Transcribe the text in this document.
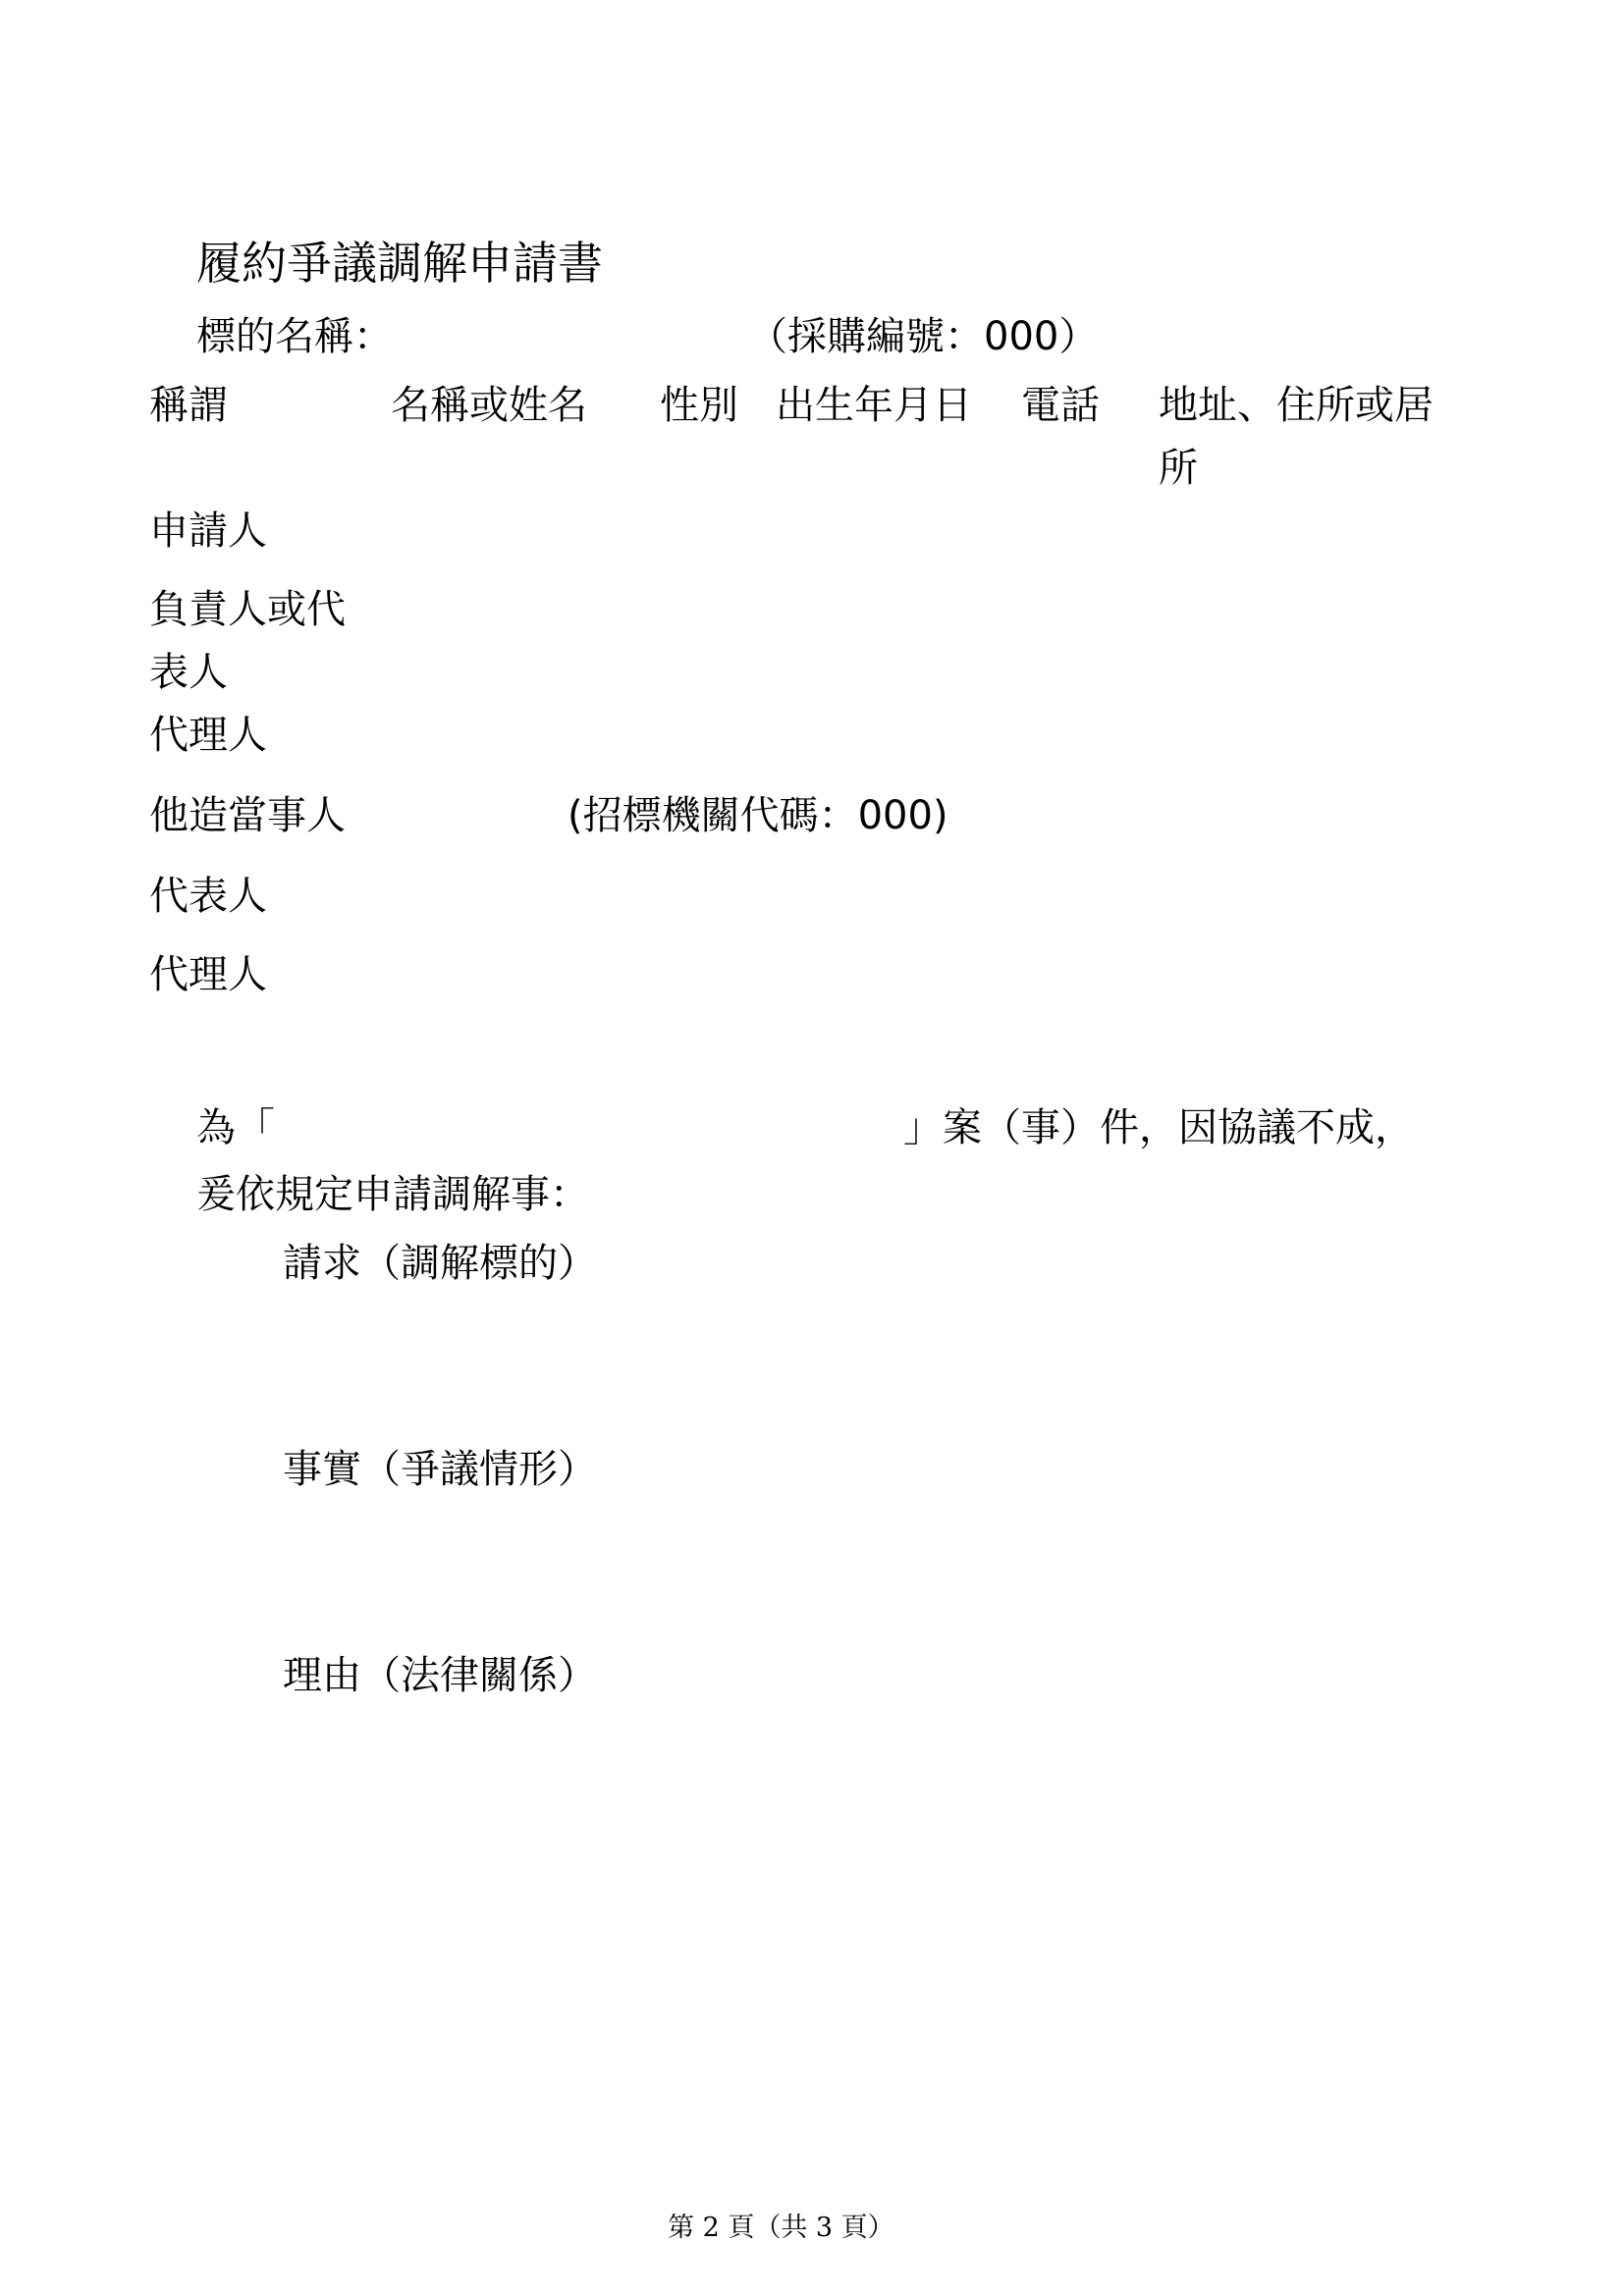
履約爭議調解申請書
標的名稱：	（採購編號：000）
稱謂	名稱或姓名 性別 出生年月日 電話 地址、住所或居
所
申請人
負責人或代
表人
代理人
他造當事人	(招標機關代碼：000)
代表人
代理人
為「	」案（事）件，因協議不成，
爰依規定申請調解事：
請求（調解標的）
事實（爭議情形）
理由（法律關係）
第 2 頁（共 3 頁）
